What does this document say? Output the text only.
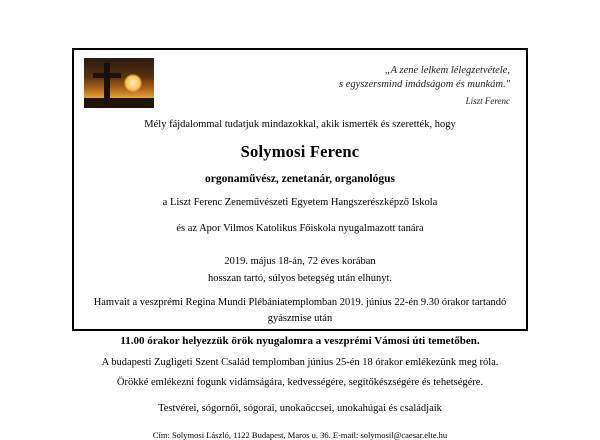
„A zene lelkem lélegzetvétele,
s egyszersmind imádságom és munkám."
Liszt Ferenc

Mély fájdalommal tudatjuk mindazokkal, akik ismerték és szerették, hogy

Solymosi Ferenc

orgonaművész, zenetanár, organológus

a Liszt Ferenc Zeneművészeti Egyetem Hangszerészképző Iskola

és az Apor Vilmos Katolikus Főiskola nyugalmazott tanára

2019. május 18-án, 72 éves korában

hosszan tartó, súlyos betegség után elhunyt.

Hamvait a veszprémi Regina Mundi Plébániatemplomban 2019. június 22-én 9.30 órakor tartandó gyászmise után

11.00 órakor helyezzük örök nyugalomra a veszprémi Vámosi úti temetőben.

A budapesti Zugligeti Szent Család templomban június 25-én 18 órakor emlékezünk meg róla.

Örökké emlékezni fogunk vidámságára, kedvességére, segítőkészségére és tehetségére.

Testvérei, sógornői, sógorai, unokaöccsei, unokahúgai és családjaik

Cím: Solymosi László, 1122 Budapest, Maros u. 36. E-mail: solymosil@caesar.elte.hu
